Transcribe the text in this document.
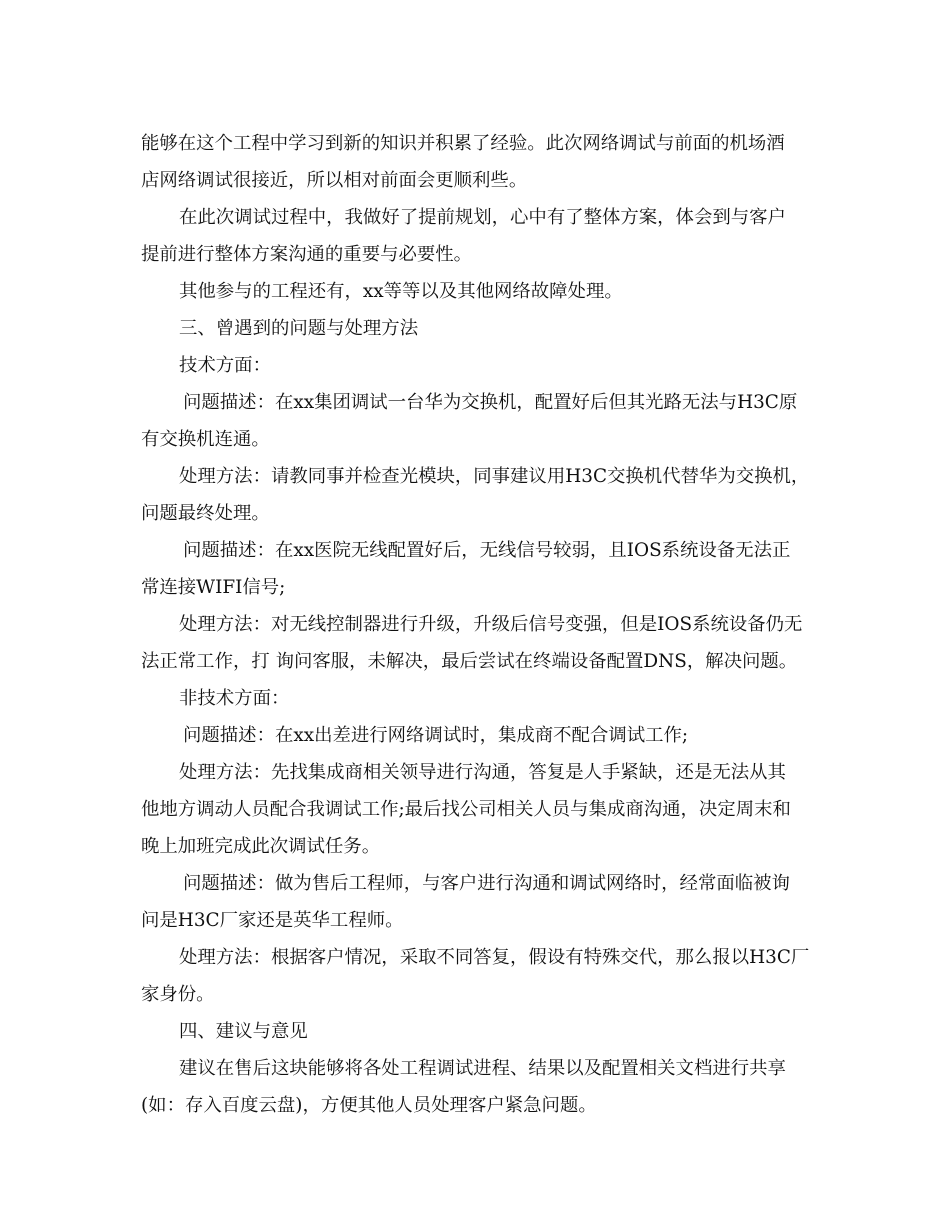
能够在这个工程中学习到新的知识并积累了经验。此次网络调试与前面的机场酒

店网络调试很接近，所以相对前面会更顺利些。

在此次调试过程中，我做好了提前规划，心中有了整体方案，体会到与客户

提前进行整体方案沟通的重要与必要性。

其他参与的工程还有，xx等等以及其他网络故障处理。

三、曾遇到的问题与处理方法

技术方面：

问题描述：在xx集团调试一台华为交换机，配置好后但其光路无法与H3C原

有交换机连通。

处理方法：请教同事并检查光模块，同事建议用H3C交换机代替华为交换机，

问题最终处理。

问题描述：在xx医院无线配置好后，无线信号较弱，且IOS系统设备无法正

常连接WIFI信号;

处理方法：对无线控制器进行升级，升级后信号变强，但是IOS系统设备仍无

法正常工作，打 询问客服，未解决，最后尝试在终端设备配置DNS，解决问题。

非技术方面：

问题描述：在xx出差进行网络调试时，集成商不配合调试工作;

处理方法：先找集成商相关领导进行沟通，答复是人手紧缺，还是无法从其

他地方调动人员配合我调试工作;最后找公司相关人员与集成商沟通，决定周末和

晚上加班完成此次调试任务。

问题描述：做为售后工程师，与客户进行沟通和调试网络时，经常面临被询

问是H3C厂家还是英华工程师。

处理方法：根据客户情况，采取不同答复，假设有特殊交代，那么报以H3C厂

家身份。

四、建议与意见

建议在售后这块能够将各处工程调试进程、结果以及配置相关文档进行共享

(如：存入百度云盘)，方便其他人员处理客户紧急问题。
